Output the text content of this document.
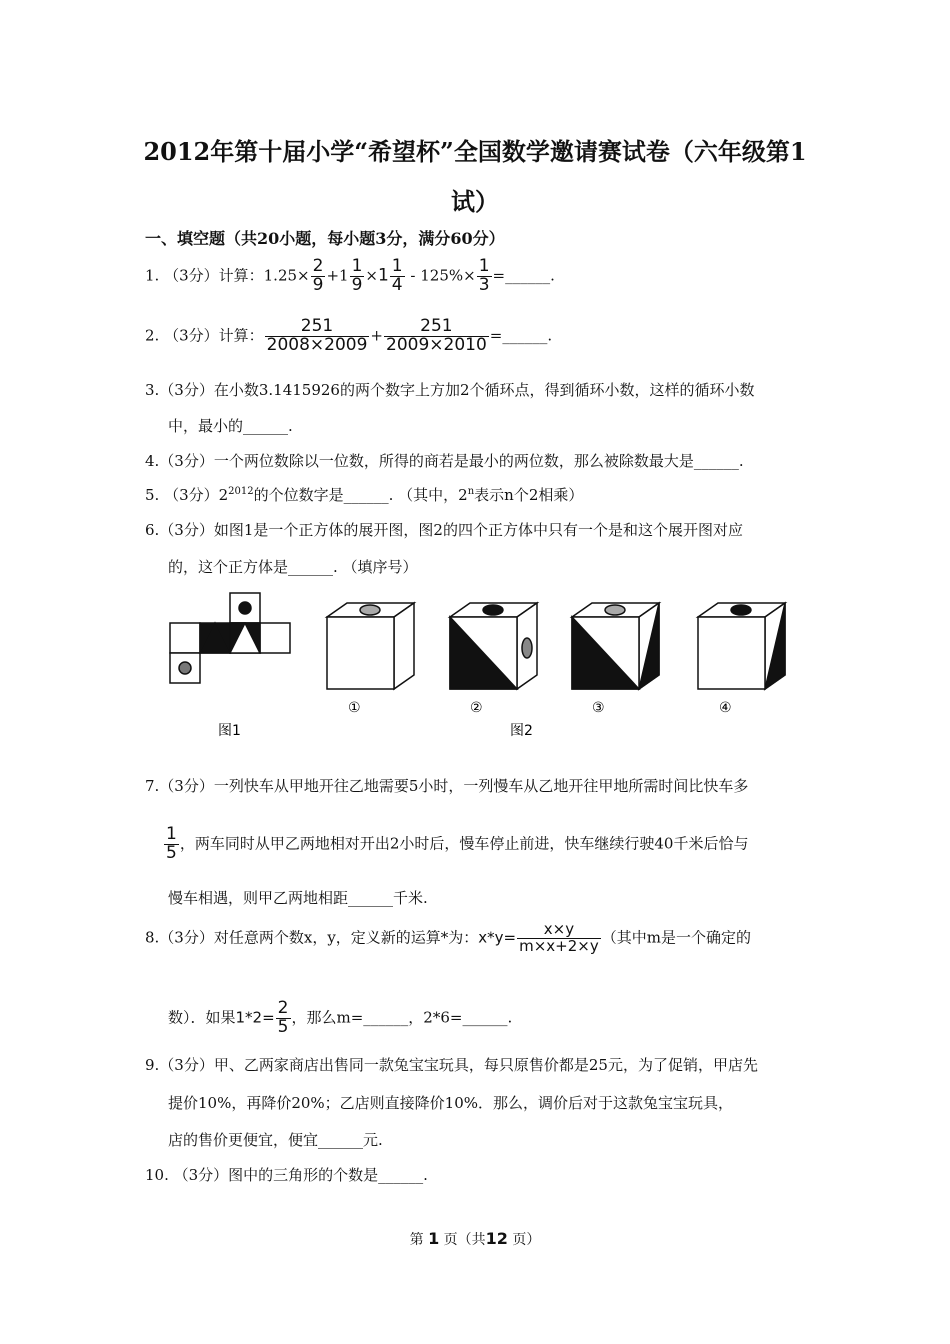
2012年第十届小学“希望杯”全国数学邀请赛试卷（六年级第1
试）
一、填空题（共20小题，每小题3分，满分60分）
1. （3分）计算：$1.25\times \frac{2}{9} +1 \frac{1}{9} \times 1 \frac{1}{4} - 125\%\times \frac{1}{3}$ =______.
2. （3分）计算： $\frac{251}{2008\times 2009} + \frac{251}{2009\times 2010}$ =______.
3.（3分）在小数3.1415926的两个数字上方加2个循环点，得到循环小数，这样的循环小数
中，最小的______.
4.（3分）一个两位数除以一位数，所得的商若是最小的两位数，那么被除数最大是______.
5. （3分）$2^{2012}$的个位数字是______. （其中，2$^n$表示n个2相乘）
6.（3分）如图1是一个正方体的展开图，图2的四个正方体中只有一个是和这个展开图对应
的，这个正方体是______. （填序号）
图1
①	②
图2
③	④
7.（3分）一列快车从甲地开往乙地需要5小时，一列慢车从乙地开往甲地所需时间比快车多
$\frac{1}{5}$ ，两车同时从甲乙两地相对开出2小时后，慢车停止前进，快车继续行驶40千米后恰与
慢车相遇，则甲乙两地相距______千米.
8.（3分）对任意两个数x，y，定义新的运算*为：$x*y= \frac{x\times y}{m\times x+2\times y}$ （其中m是一个确定的
数）．如果$1*2= \frac{2}{5}$ ，那么m=______，2*6=______.
9.（3分）甲、乙两家商店出售同一款兔宝宝玩具，每只原售价都是25元，为了促销，甲店先
提价10%，再降价20%；乙店则直接降价10%．那么，调价后对于这款兔宝宝玩具，
店的售价更便宜，便宜______元.
10. （3分）图中的三角形的个数是______.
第 1 页（共12 页）
